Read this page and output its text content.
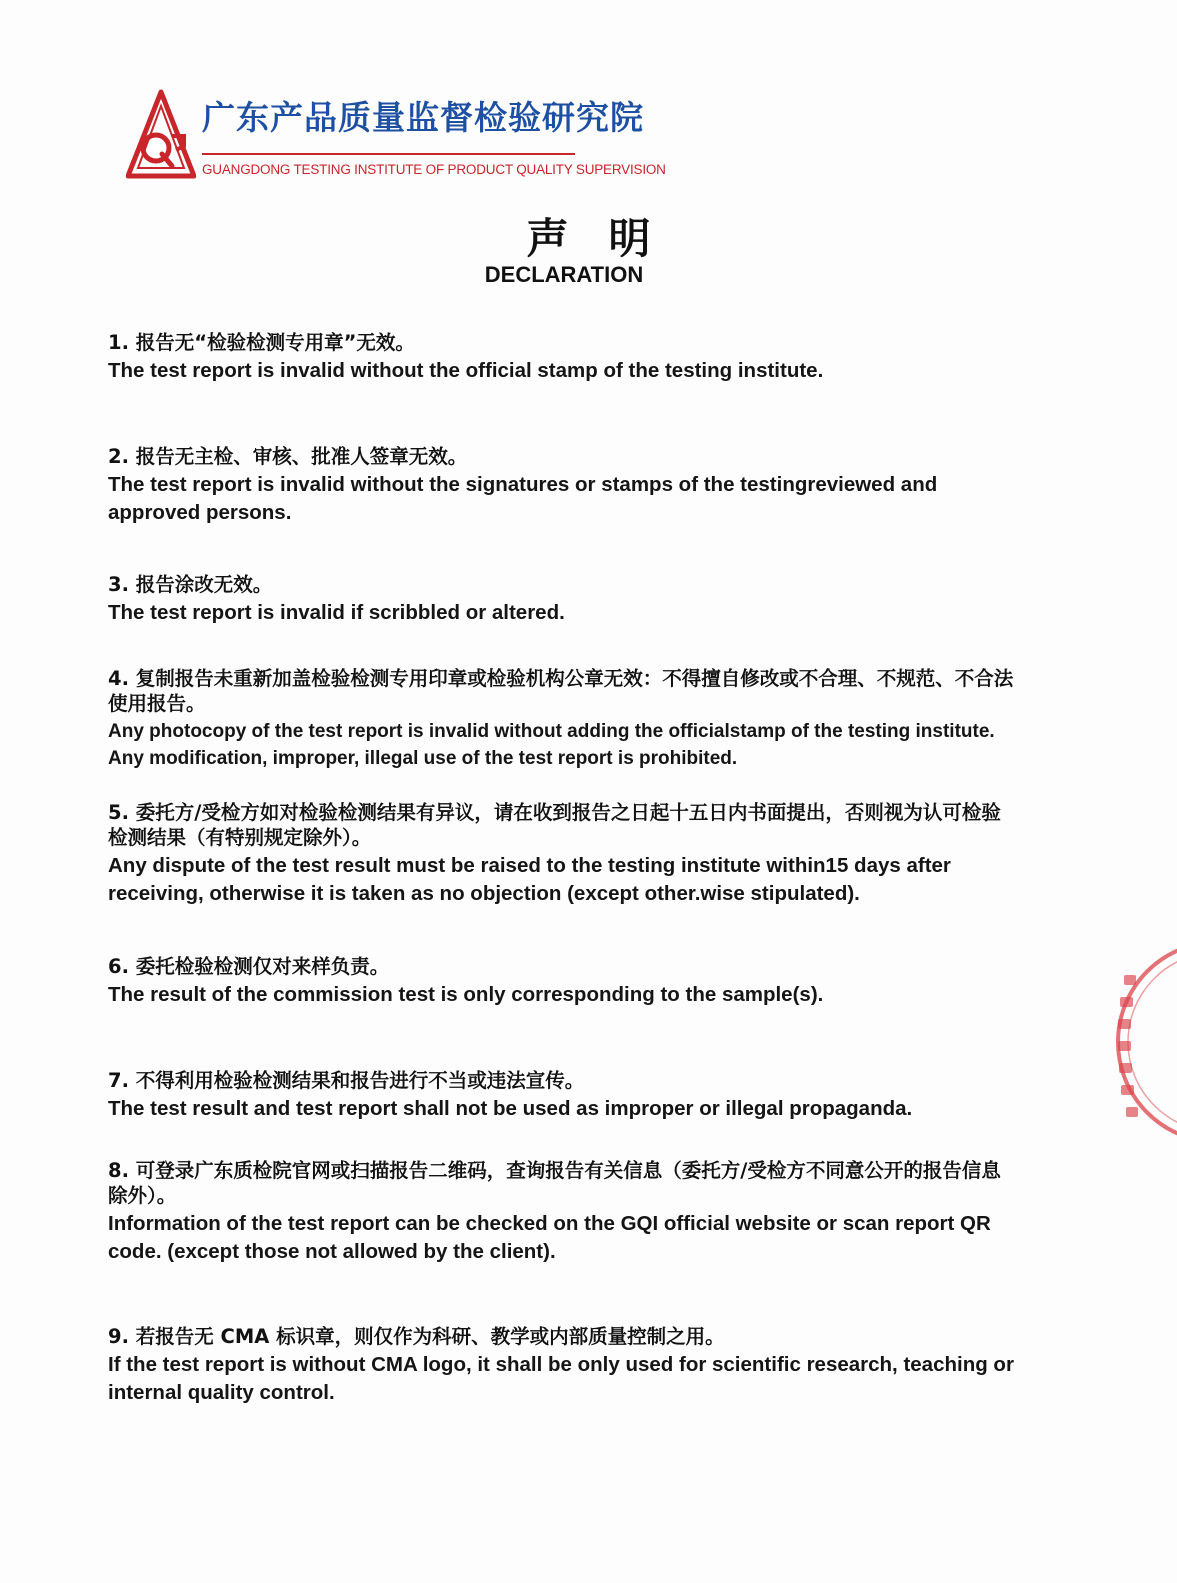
广东产品质量监督检验研究院
GUANGDONG TESTING INSTITUTE OF PRODUCT QUALITY SUPERVISION
声明
DECLARATION
1. 报告无“检验检测专用章”无效。
The test report is invalid without the official stamp of the testing institute.
2. 报告无主检、审核、批准人签章无效。
The test report is invalid without the signatures or stamps of the testingreviewed and approved persons.
3. 报告涂改无效。
The test report is invalid if scribbled or altered.
4. 复制报告未重新加盖检验检测专用印章或检验机构公章无效：不得擅自修改或不合理、不规范、不合法使用报告。
Any photocopy of the test report is invalid without adding the officialstamp of the testing institute. Any modification, improper, illegal use of the test report is prohibited.
5. 委托方/受检方如对检验检测结果有异议，请在收到报告之日起十五日内书面提出，否则视为认可检验检测结果（有特别规定除外）。
Any dispute of the test result must be raised to the testing institute within15 days after receiving, otherwise it is taken as no objection (except other.wise stipulated).
6. 委托检验检测仅对来样负责。
The result of the commission test is only corresponding to the sample(s).
7. 不得利用检验检测结果和报告进行不当或违法宣传。
The test result and test report shall not be used as improper or illegal propaganda.
8. 可登录广东质检院官网或扫描报告二维码，查询报告有关信息（委托方/受检方不同意公开的报告信息除外）。
Information of the test report can be checked on the GQI official website or scan report QR code. (except those not allowed by the client).
9. 若报告无 CMA 标识章，则仅作为科研、教学或内部质量控制之用。
If the test report is without CMA logo, it shall be only used for scientific research, teaching or internal quality control.
